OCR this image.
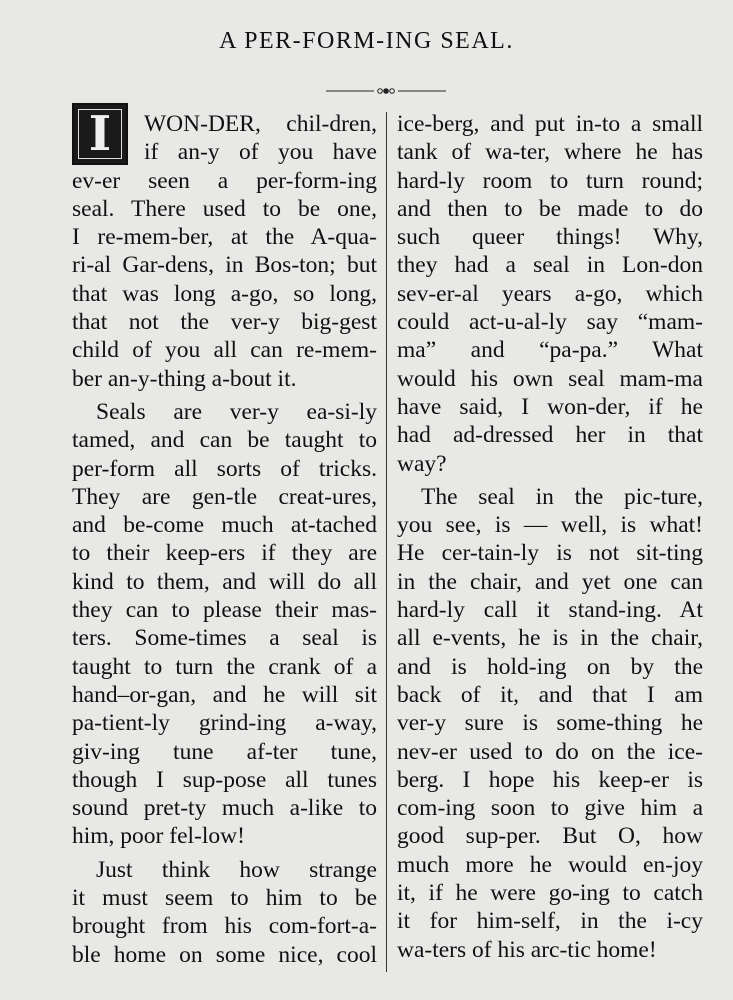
A PER-FORM-ING SEAL.
I	WON-DER, chil-dren,
if an-y of you have
ev-er seen a per-form-ing
seal. There used to be one,
I re-mem-ber, at the A-qua-
ri-al Gar-dens, in Bos-ton; but
that was long a-go, so long,
that not the ver-y big-gest
child of you all can re-mem-
ber an-y-thing a-bout it.
Seals are ver-y ea-si-ly
tamed, and can be taught to
per-form all sorts of tricks.
They are gen-tle creat-ures,
and be-come much at-tached
to their keep-ers if they are
kind to them, and will do all
they can to please their mas-
ters. Some-times a seal is
taught to turn the crank of a
hand–or-gan, and he will sit
pa-tient-ly grind-ing a-way,
giv-ing tune af-ter tune,
though I sup-pose all tunes
sound pret-ty much a-like to
him, poor fel-low!
Just think how strange
it must seem to him to be
brought from his com-fort-a-
ble home on some nice, cool
ice-berg, and put in-to a small
tank of wa-ter, where he has
hard-ly room to turn round;
and then to be made to do
such queer things! Why,
they had a seal in Lon-don
sev-er-al years a-go, which
could act-u-al-ly say “mam-
ma” and “pa-pa.” What
would his own seal mam-ma
have said, I won-der, if he
had ad-dressed her in that
way?
The seal in the pic-ture,
you see, is — well, is what!
He cer-tain-ly is not sit-ting
in the chair, and yet one can
hard-ly call it stand-ing. At
all e-vents, he is in the chair,
and is hold-ing on by the
back of it, and that I am
ver-y sure is some-thing he
nev-er used to do on the ice-
berg. I hope his keep-er is
com-ing soon to give him a
good sup-per. But O, how
much more he would en-joy
it, if he were go-ing to catch
it for him-self, in the i-cy
wa-ters of his arc-tic home!
